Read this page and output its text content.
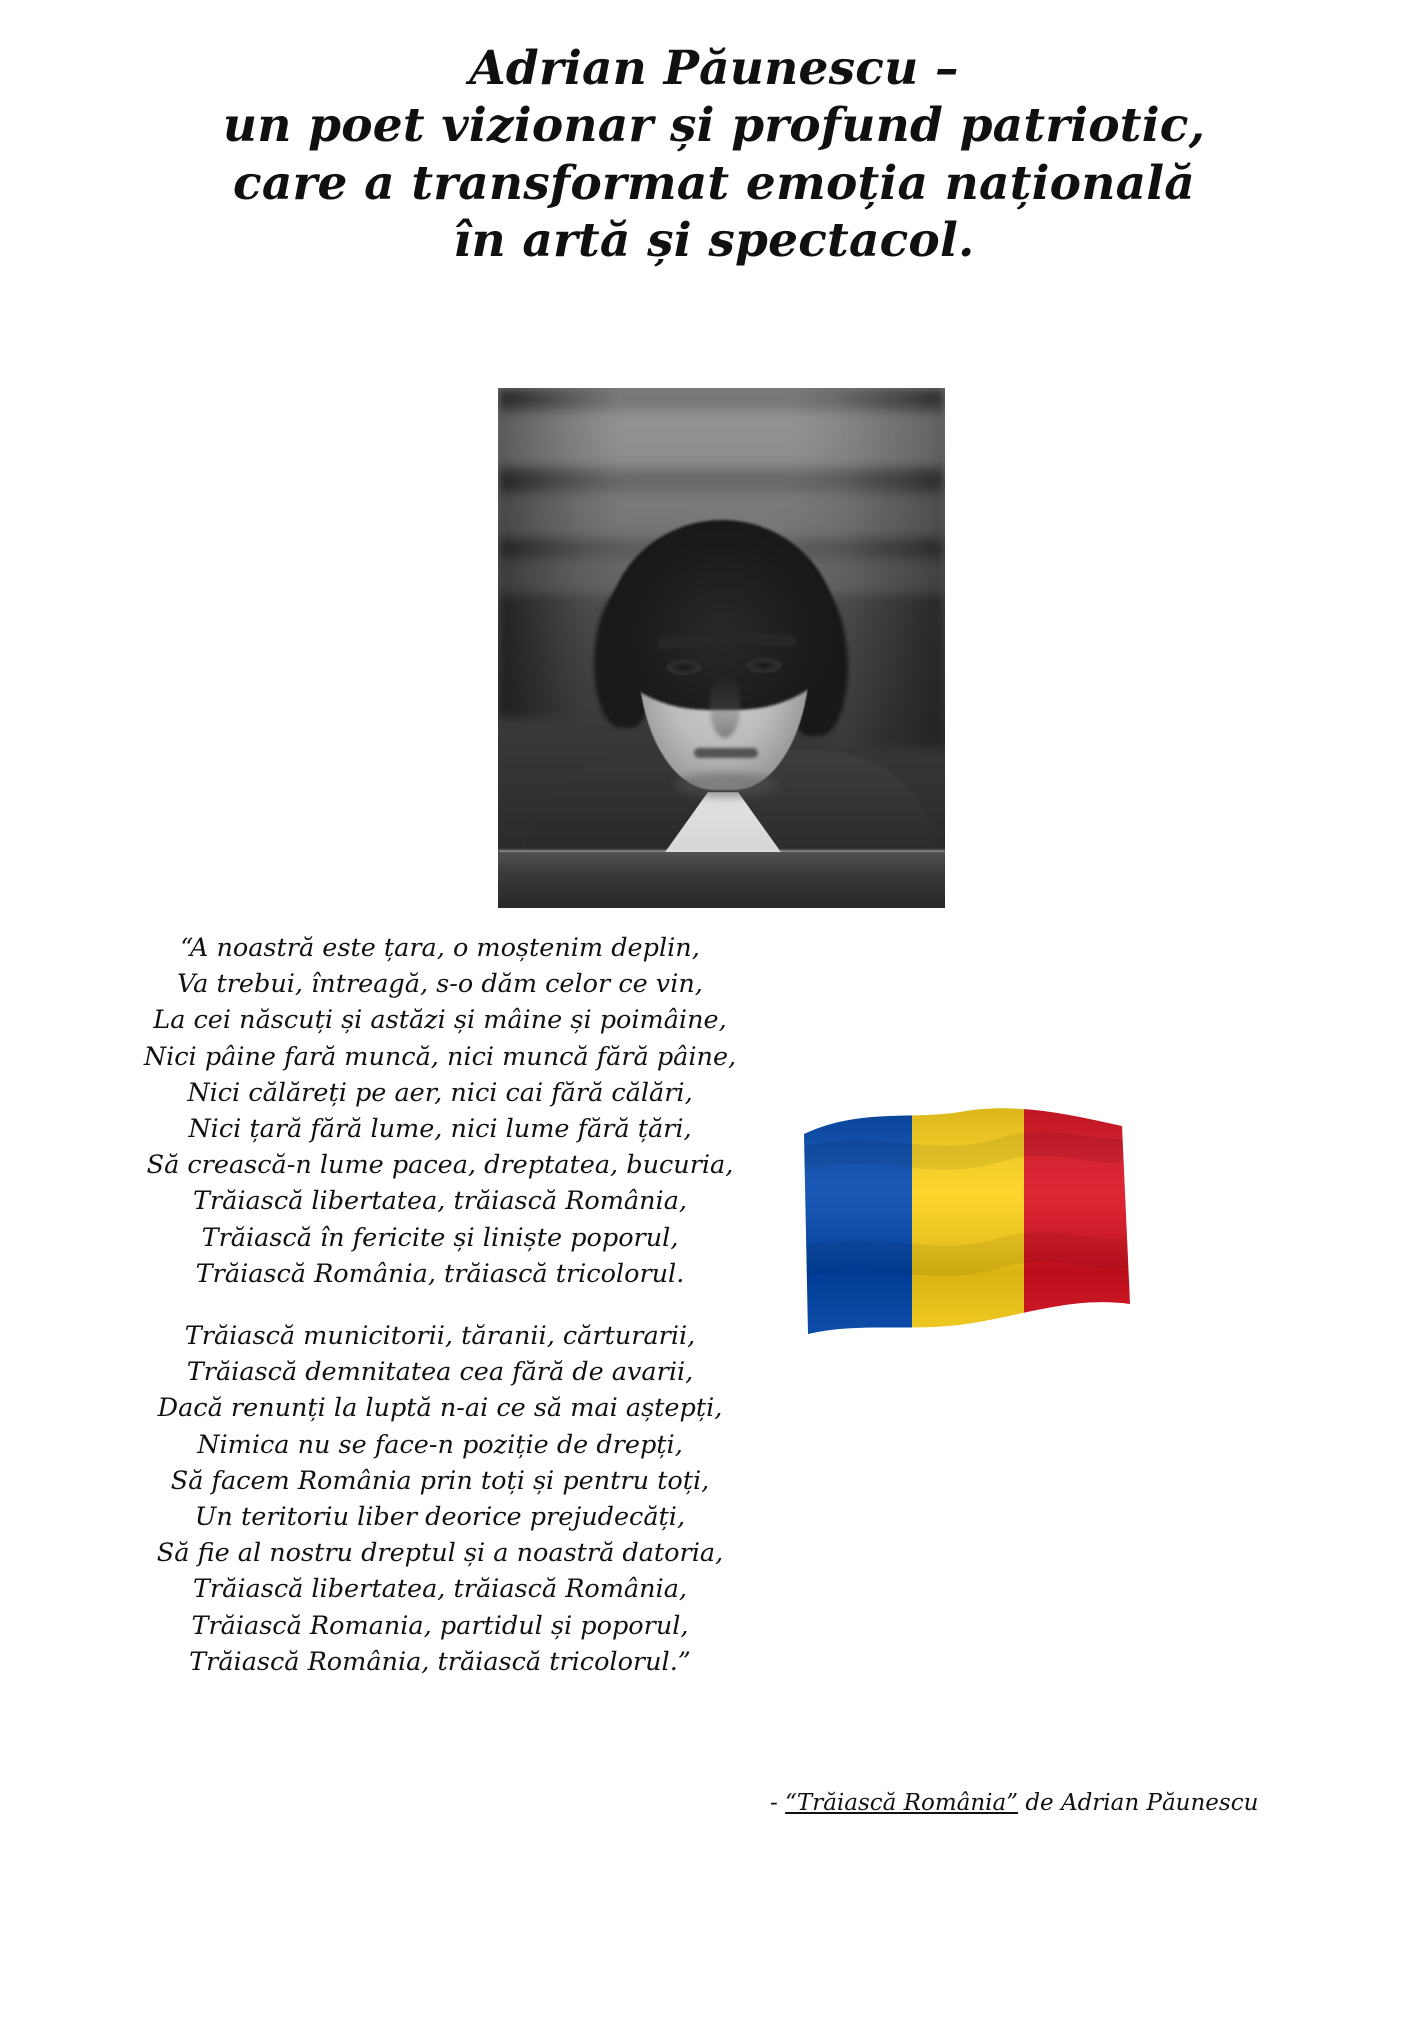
Adrian Păunescu –
un poet vizionar și profund patriotic,
care a transformat emoția națională
în artă și spectacol.
“A noastră este țara, o moștenim deplin,
Va trebui, întreagă, s-o dăm celor ce vin,
La cei născuți și astăzi și mâine și poimâine,
Nici pâine fară muncă, nici muncă fără pâine,
Nici călăreți pe aer, nici cai fără călări,
Nici țară fără lume, nici lume fără țări,
Să crească-n lume pacea, dreptatea, bucuria,
Trăiască libertatea, trăiască România,
Trăiască în fericite și liniște poporul,
Trăiască România, trăiască tricolorul.
Trăiască municitorii, tăranii, cărturarii,
Trăiască demnitatea cea fără de avarii,
Dacă renunți la luptă n-ai ce să mai aștepți,
Nimica nu se face-n poziție de drepți,
Să facem România prin toți și pentru toți,
Un teritoriu liber deorice prejudecăți,
Să fie al nostru dreptul și a noastră datoria,
Trăiască libertatea, trăiască România,
Trăiască Romania, partidul și poporul,
Trăiască România, trăiască tricolorul.”
- “Trăiască România” de Adrian Păunescu
